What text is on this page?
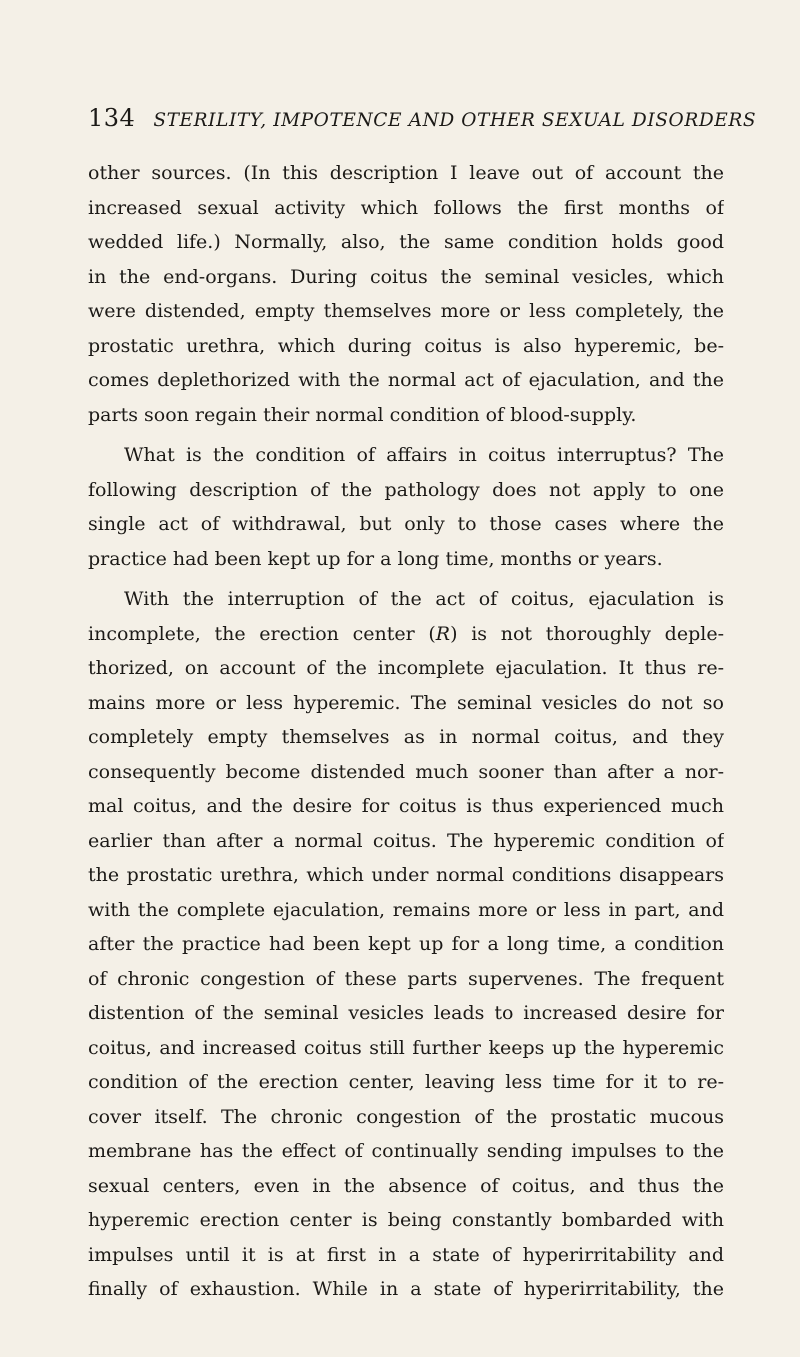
134 STERILITY, IMPOTENCE AND OTHER SEXUAL DISORDERS
other sources. (In this description I leave out of account the
increased sexual activity which follows the first months of
wedded life.) Normally, also, the same condition holds good
in the end-organs. During coitus the seminal vesicles, which
were distended, empty themselves more or less completely, the
prostatic urethra, which during coitus is also hyperemic, be-
comes deplethorized with the normal act of ejaculation, and the
parts soon regain their normal condition of blood-supply.
What is the condition of affairs in coitus interruptus? The
following description of the pathology does not apply to one
single act of withdrawal, but only to those cases where the
practice had been kept up for a long time, months or years.
With the interruption of the act of coitus, ejaculation is
incomplete, the erection center (R) is not thoroughly deple-
thorized, on account of the incomplete ejaculation. It thus re-
mains more or less hyperemic. The seminal vesicles do not so
completely empty themselves as in normal coitus, and they
consequently become distended much sooner than after a nor-
mal coitus, and the desire for coitus is thus experienced much
earlier than after a normal coitus. The hyperemic condition of
the prostatic urethra, which under normal conditions disappears
with the complete ejaculation, remains more or less in part, and
after the practice had been kept up for a long time, a condition
of chronic congestion of these parts supervenes. The frequent
distention of the seminal vesicles leads to increased desire for
coitus, and increased coitus still further keeps up the hyperemic
condition of the erection center, leaving less time for it to re-
cover itself. The chronic congestion of the prostatic mucous
membrane has the effect of continually sending impulses to the
sexual centers, even in the absence of coitus, and thus the
hyperemic erection center is being constantly bombarded with
impulses until it is at first in a state of hyperirritability and
finally of exhaustion. While in a state of hyperirritability, the
